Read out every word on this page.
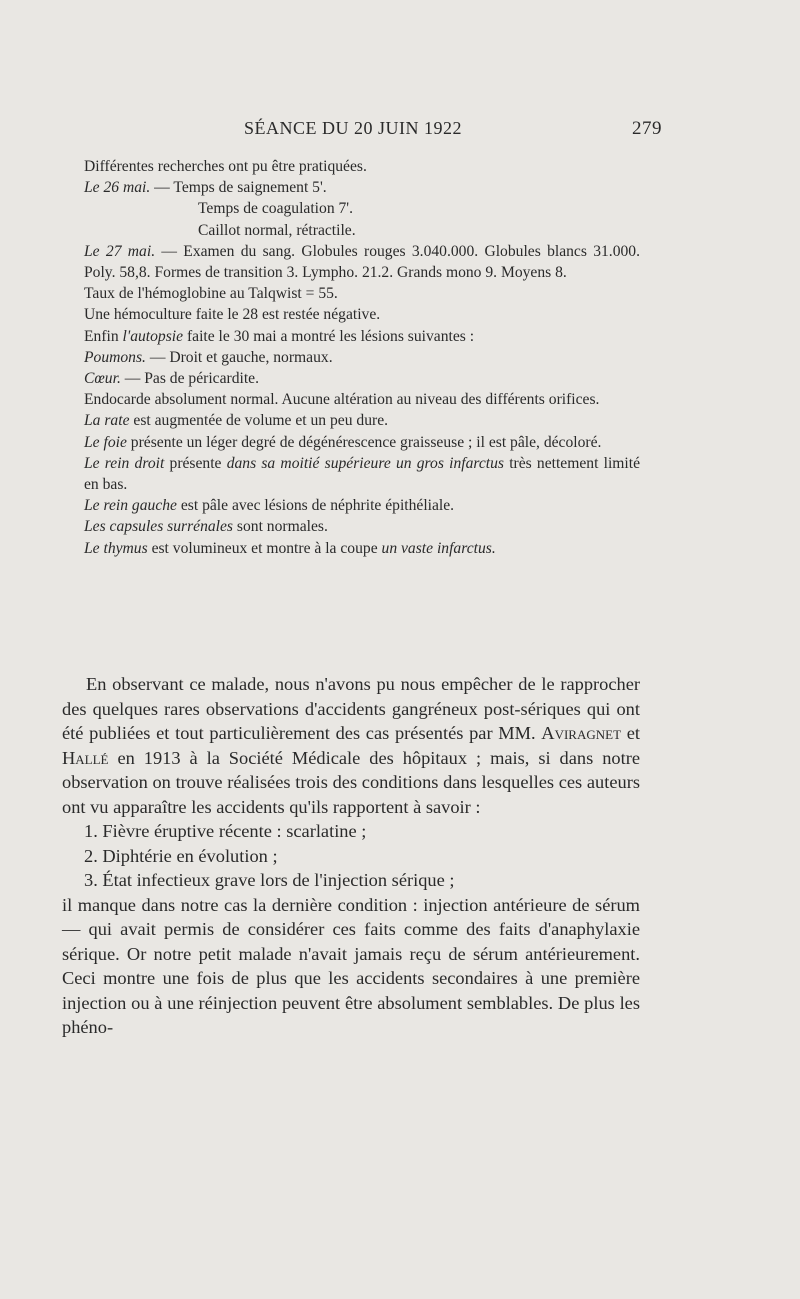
SÉANCE DU 20 JUIN 1922	279

Différentes recherches ont pu être pratiquées.

Le 26 mai. — Temps de saignement 5'.

Temps de coagulation 7'.

Caillot normal, rétractile.

Le 27 mai. — Examen du sang. Globules rouges 3.040.000. Globules blancs 31.000. Poly. 58,8. Formes de transition 3. Lympho. 21.2. Grands mono 9. Moyens 8.

Taux de l'hémoglobine au Talqwist = 55.

Une hémoculture faite le 28 est restée négative.

Enfin l'autopsie faite le 30 mai a montré les lésions suivantes :

Poumons. — Droit et gauche, normaux.

Cœur. — Pas de péricardite.

Endocarde absolument normal. Aucune altération au niveau des différents orifices.

La rate est augmentée de volume et un peu dure.

Le foie présente un léger degré de dégénérescence graisseuse ; il est pâle, décoloré.

Le rein droit présente dans sa moitié supérieure un gros infarctus très nettement limité en bas.

Le rein gauche est pâle avec lésions de néphrite épithéliale.

Les capsules surrénales sont normales.

Le thymus est volumineux et montre à la coupe un vaste infarctus.

En observant ce malade, nous n'avons pu nous empêcher de le rapprocher des quelques rares observations d'accidents gangréneux post-sériques qui ont été publiées et tout particulièrement des cas présentés par MM. Aviragnet et Hallé en 1913 à la Société Médicale des hôpitaux ; mais, si dans notre observation on trouve réalisées trois des conditions dans lesquelles ces auteurs ont vu apparaître les accidents qu'ils rapportent à savoir :

1. Fièvre éruptive récente : scarlatine ;

2. Diphtérie en évolution ;

3. État infectieux grave lors de l'injection sérique ;

il manque dans notre cas la dernière condition : injection antérieure de sérum — qui avait permis de considérer ces faits comme des faits d'anaphylaxie sérique. Or notre petit malade n'avait jamais reçu de sérum antérieurement. Ceci montre une fois de plus que les accidents secondaires à une première injection ou à une réinjection peuvent être absolument semblables. De plus les phéno-
